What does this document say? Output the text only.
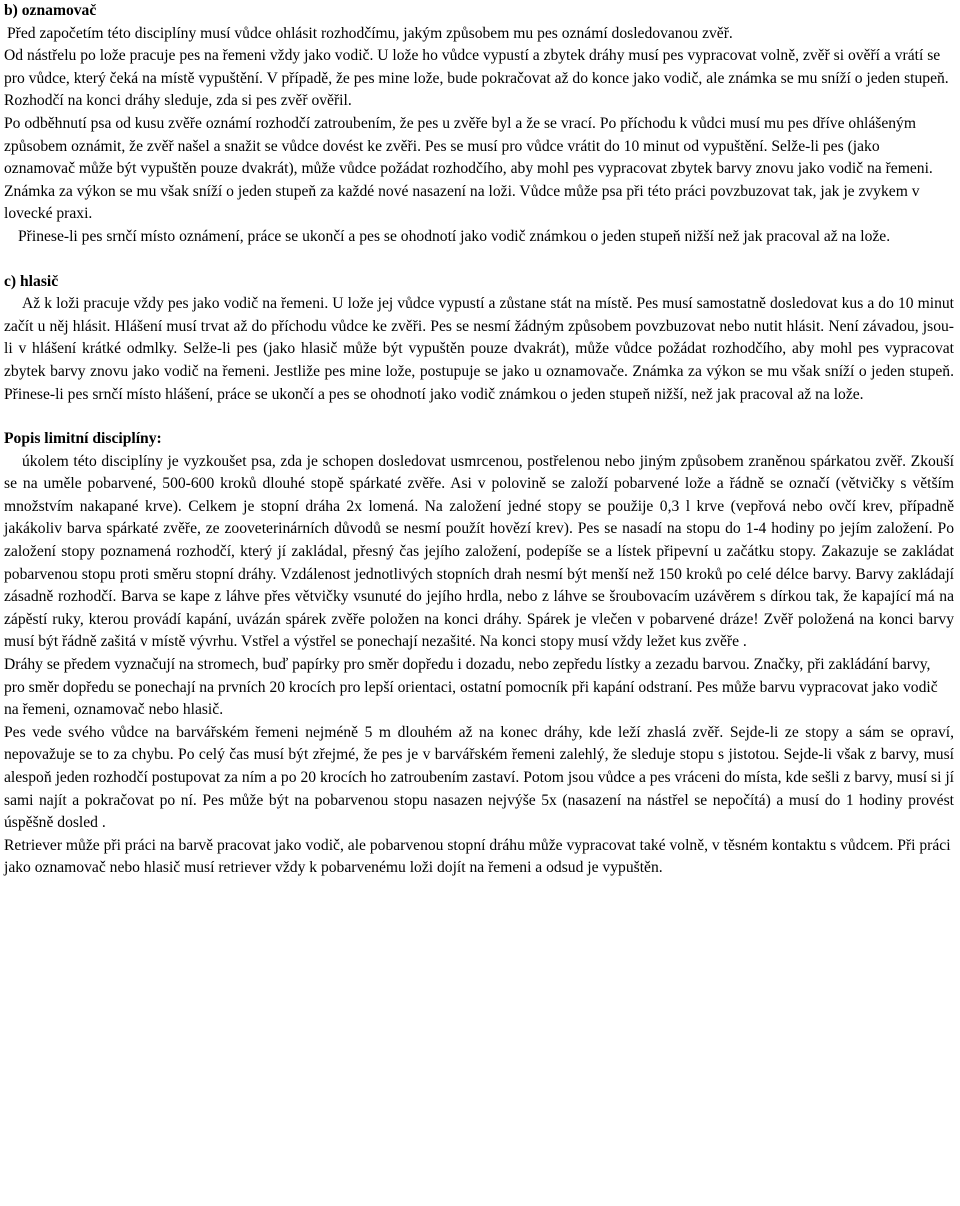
b) oznamovač

Před započetím této disciplíny musí vůdce ohlásit rozhodčímu, jakým způsobem mu pes oznámí dosledovanou zvěř.

Od nástřelu po lože pracuje pes na řemeni vždy jako vodič. U lože ho vůdce vypustí a zbytek dráhy musí pes vypracovat volně, zvěř si ověří a vrátí se pro vůdce, který čeká na místě vypuštění. V případě, že pes mine lože, bude pokračovat až do konce jako vodič, ale známka se mu sníží o jeden stupeň. Rozhodčí na konci dráhy sleduje, zda si pes zvěř ověřil.

Po odběhnutí psa od kusu zvěře oznámí rozhodčí zatroubením, že pes u zvěře byl a že se vrací. Po příchodu k vůdci musí mu pes dříve ohlášeným způsobem oznámit, že zvěř našel a snažit se vůdce dovést ke zvěři. Pes se musí pro vůdce vrátit do 10 minut od vypuštění. Selže-li pes (jako oznamovač může být vypuštěn pouze dvakrát), může vůdce požádat rozhodčího, aby mohl pes vypracovat zbytek barvy znovu jako vodič na řemeni. Známka za výkon se mu však sníží o jeden stupeň za každé nové nasazení na loži. Vůdce může psa při této práci povzbuzovat tak, jak je zvykem v lovecké praxi.

Přinese-li pes srnčí místo oznámení, práce se ukončí a pes se ohodnotí jako vodič známkou o jeden stupeň nižší než jak pracoval až na lože.

c) hlasič

Až k loži pracuje vždy pes jako vodič na řemeni. U lože jej vůdce vypustí a zůstane stát na místě. Pes musí samostatně dosledovat kus a do 10 minut začít u něj hlásit. Hlášení musí trvat až do příchodu vůdce ke zvěři. Pes se nesmí žádným způsobem povzbuzovat nebo nutit hlásit. Není závadou, jsou-li v hlášení krátké odmlky. Selže-li pes (jako hlasič může být vypuštěn pouze dvakrát), může vůdce požádat rozhodčího, aby mohl pes vypracovat zbytek barvy znovu jako vodič na řemeni. Jestliže pes mine lože, postupuje se jako u oznamovače. Známka za výkon se mu však sníží o jeden stupeň. Přinese-li pes srnčí místo hlášení, práce se ukončí a pes se ohodnotí jako vodič známkou o jeden stupeň nižší, než jak pracoval až na lože.

Popis limitní disciplíny:

úkolem této disciplíny je vyzkoušet psa, zda je schopen dosledovat usmrcenou, postřelenou nebo jiným způsobem zraněnou spárkatou zvěř. Zkouší se na uměle pobarvené, 500-600 kroků dlouhé stopě spárkaté zvěře. Asi v polovině se založí pobarvené lože a řádně se označí (větvičky s větším množstvím nakapané krve). Celkem je stopní dráha 2x lomená. Na založení jedné stopy se použije 0,3 l krve (vepřová nebo ovčí krev, případně jakákoliv barva spárkaté zvěře, ze zooveterinárních důvodů se nesmí použít hovězí krev). Pes se nasadí na stopu do 1-4 hodiny po jejím založení. Po založení stopy poznamená rozhodčí, který jí zakládal, přesný čas jejího založení, podepíše se a lístek připevní u začátku stopy. Zakazuje se zakládat pobarvenou stopu proti směru stopní dráhy. Vzdálenost jednotlivých stopních drah nesmí být menší než 150 kroků po celé délce barvy. Barvy zakládají zásadně rozhodčí. Barva se kape z láhve přes větvičky vsunuté do jejího hrdla, nebo z láhve se šroubovacím uzávěrem s dírkou tak, že kapající má na zápěstí ruky, kterou provádí kapání, uvázán spárek zvěře položen na konci dráhy. Spárek je vlečen v pobarvené dráze! Zvěř položená na konci barvy musí být řádně zašitá v místě vývrhu. Vstřel a výstřel se ponechají nezašité. Na konci stopy musí vždy ležet kus zvěře .

Dráhy se předem vyznačují na stromech, buď papírky pro směr dopředu i dozadu, nebo zepředu lístky a zezadu barvou. Značky, při zakládání barvy, pro směr dopředu se ponechají na prvních 20 krocích pro lepší orientaci, ostatní pomocník při kapání odstraní. Pes může barvu vypracovat jako vodič na řemeni, oznamovač nebo hlasič.

Pes vede svého vůdce na barvářském řemeni nejméně 5 m dlouhém až na konec dráhy, kde leží zhaslá zvěř. Sejde-li ze stopy a sám se opraví, nepovažuje se to za chybu. Po celý čas musí být zřejmé, že pes je v barvářském řemeni zalehlý, že sleduje stopu s jistotou. Sejde-li však z barvy, musí alespoň jeden rozhodčí postupovat za ním a po 20 krocích ho zatroubením zastaví. Potom jsou vůdce a pes vráceni do místa, kde sešli z barvy, musí si jí sami najít a pokračovat po ní. Pes může být na pobarvenou stopu nasazen nejvýše 5x (nasazení na nástřel se nepočítá) a musí do 1 hodiny provést úspěšně dosled .

Retriever může při práci na barvě pracovat jako vodič, ale pobarvenou stopní dráhu může vypracovat také volně, v těsném kontaktu s vůdcem. Při práci jako oznamovač nebo hlasič musí retriever vždy k pobarvenému loži dojít na řemeni a odsud je vypuštěn.
